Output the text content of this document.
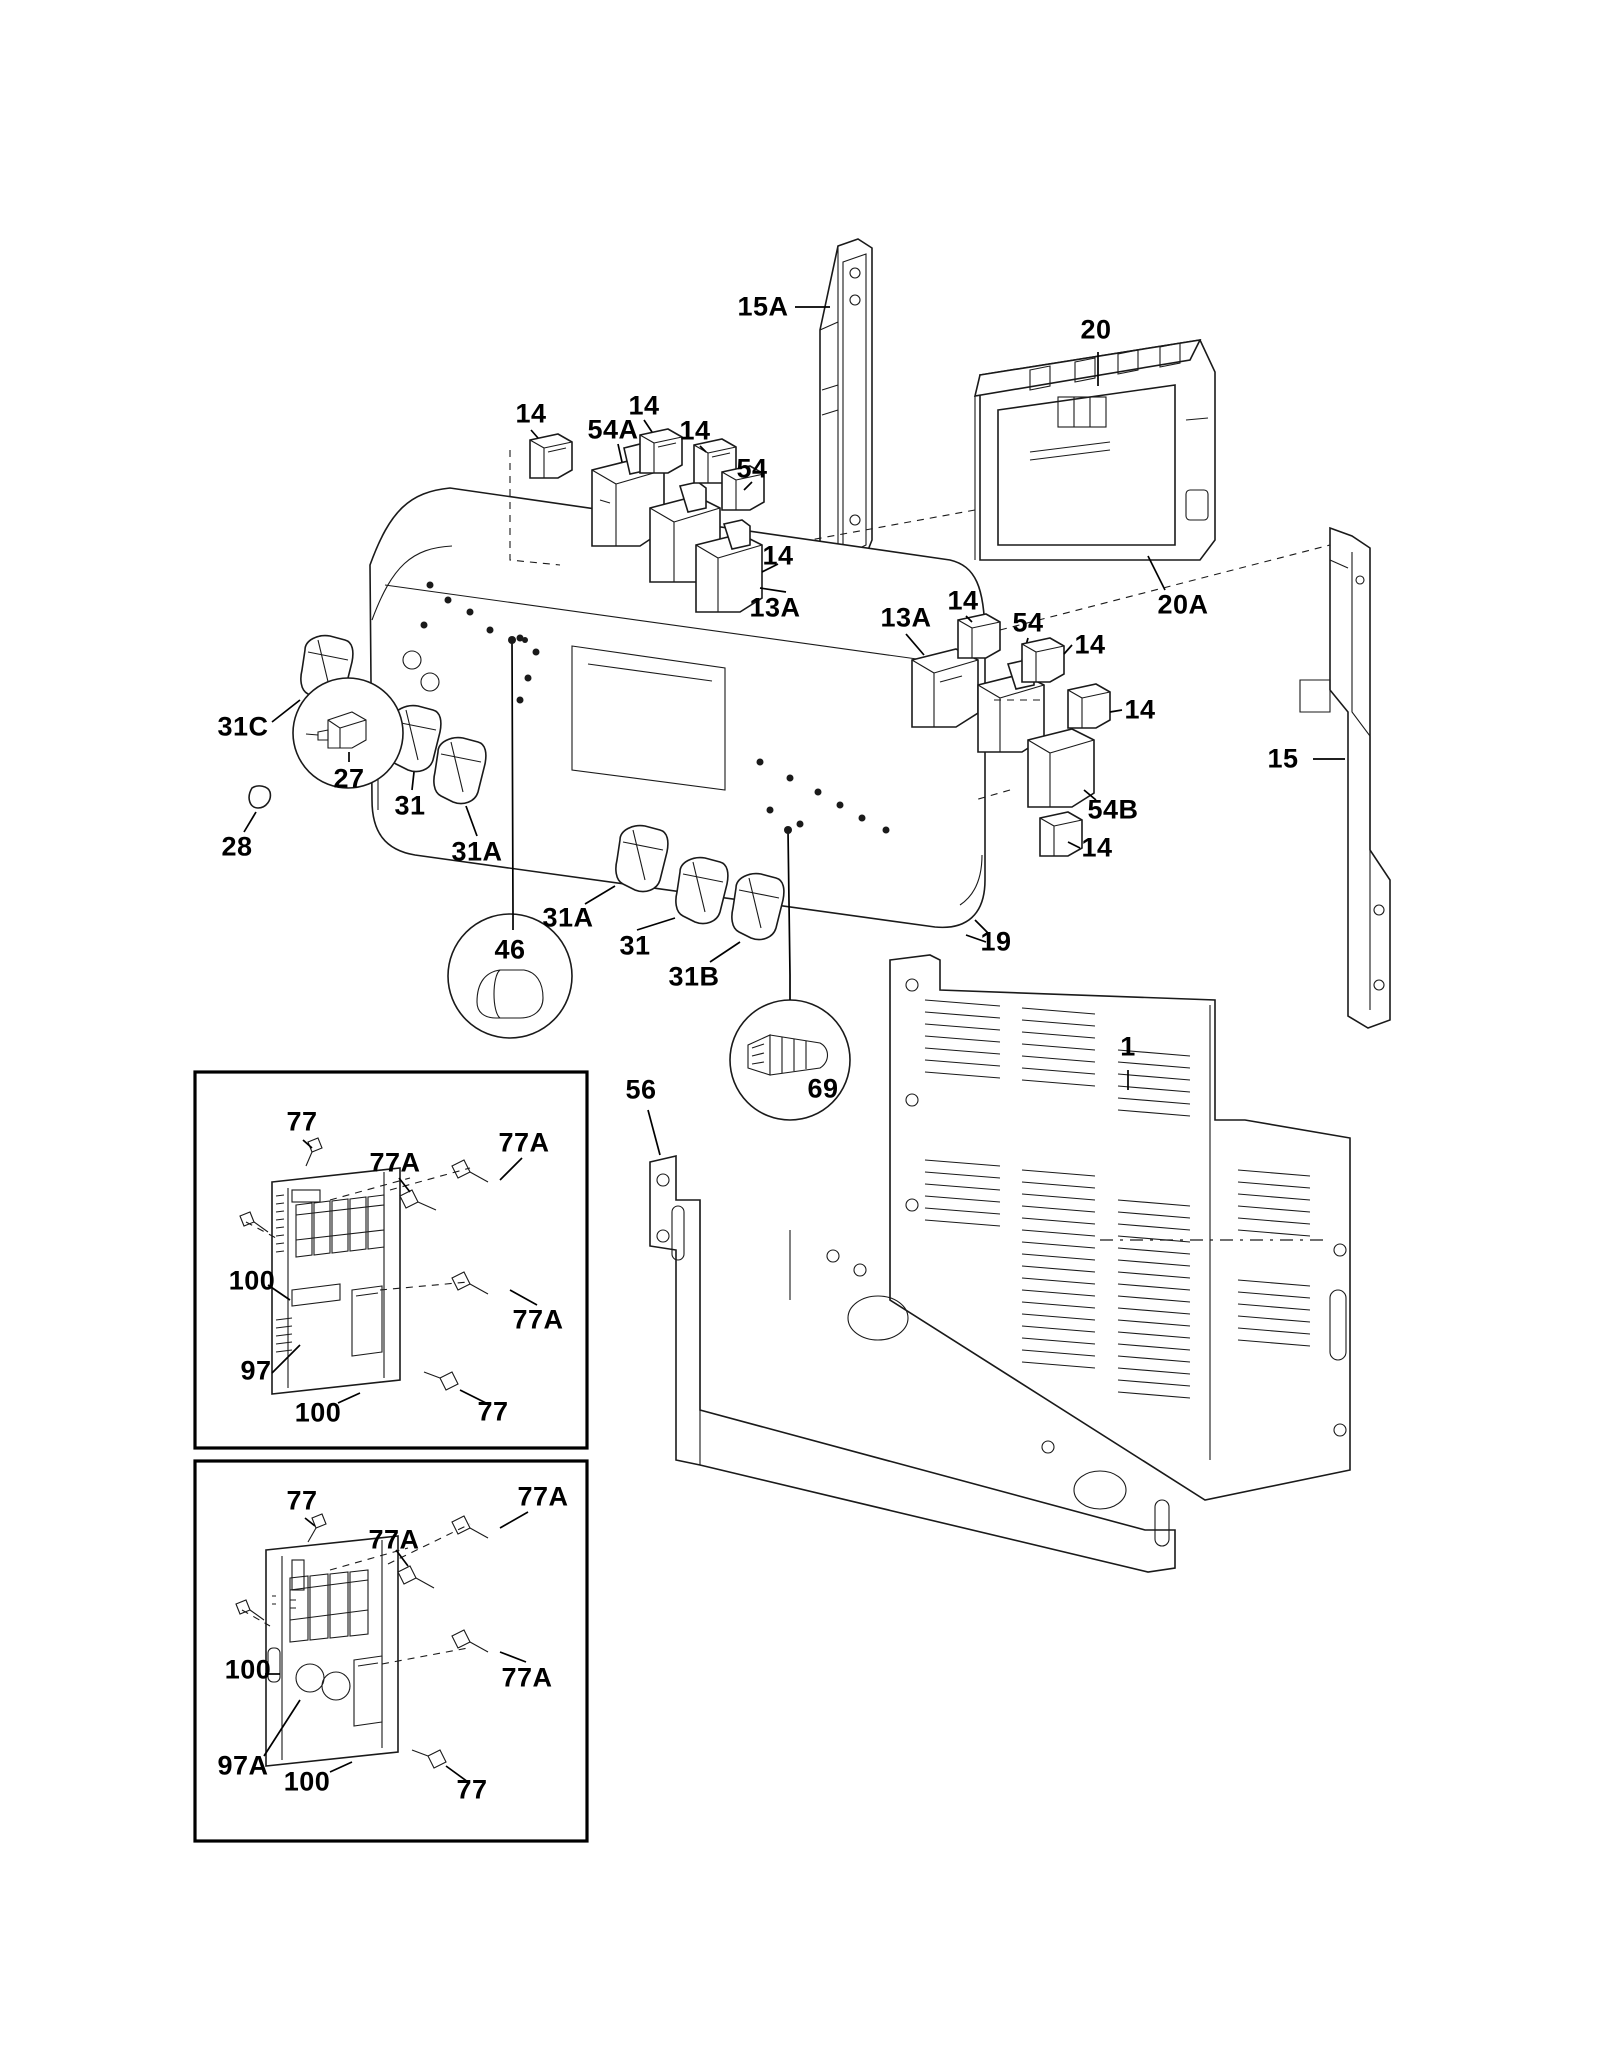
15A
20
14	14
54A 14
54
14
13A	20A
13A
14
54
14
14
31C
27
31
15
54B
28	31A	14
31A
31	19
46
31B
1
69
56
77
77A
77A
100
77A
97
100	77
77	77A
77A
100	77A
97A
100	77
